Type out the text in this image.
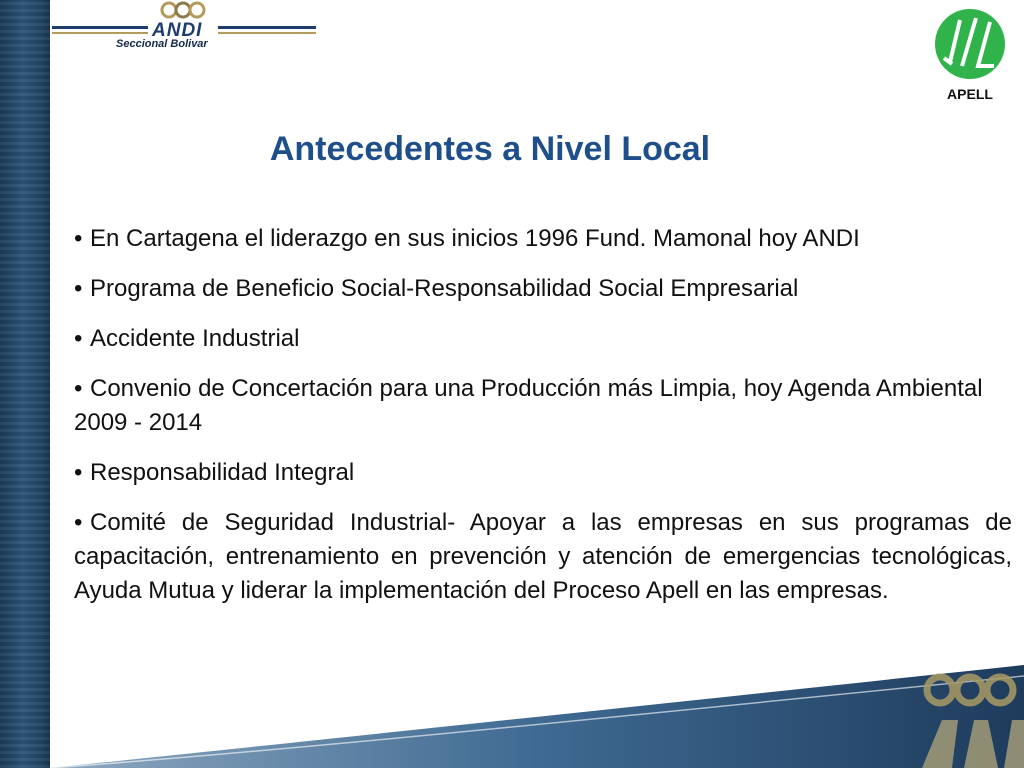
ANDI
Seccional Bolivar
APELL
Antecedentes a Nivel Local
• En Cartagena el liderazgo en sus inicios 1996 Fund. Mamonal hoy ANDI
• Programa de Beneficio Social-Responsabilidad Social Empresarial
• Accidente Industrial
• Convenio de Concertación para una Producción más Limpia, hoy Agenda Ambiental 2009 - 2014
• Responsabilidad Integral
• Comité de Seguridad Industrial- Apoyar a las empresas en sus programas de capacitación, entrenamiento en prevención y atención de emergencias tecnológicas, Ayuda Mutua y liderar la implementación del Proceso Apell en las empresas.
